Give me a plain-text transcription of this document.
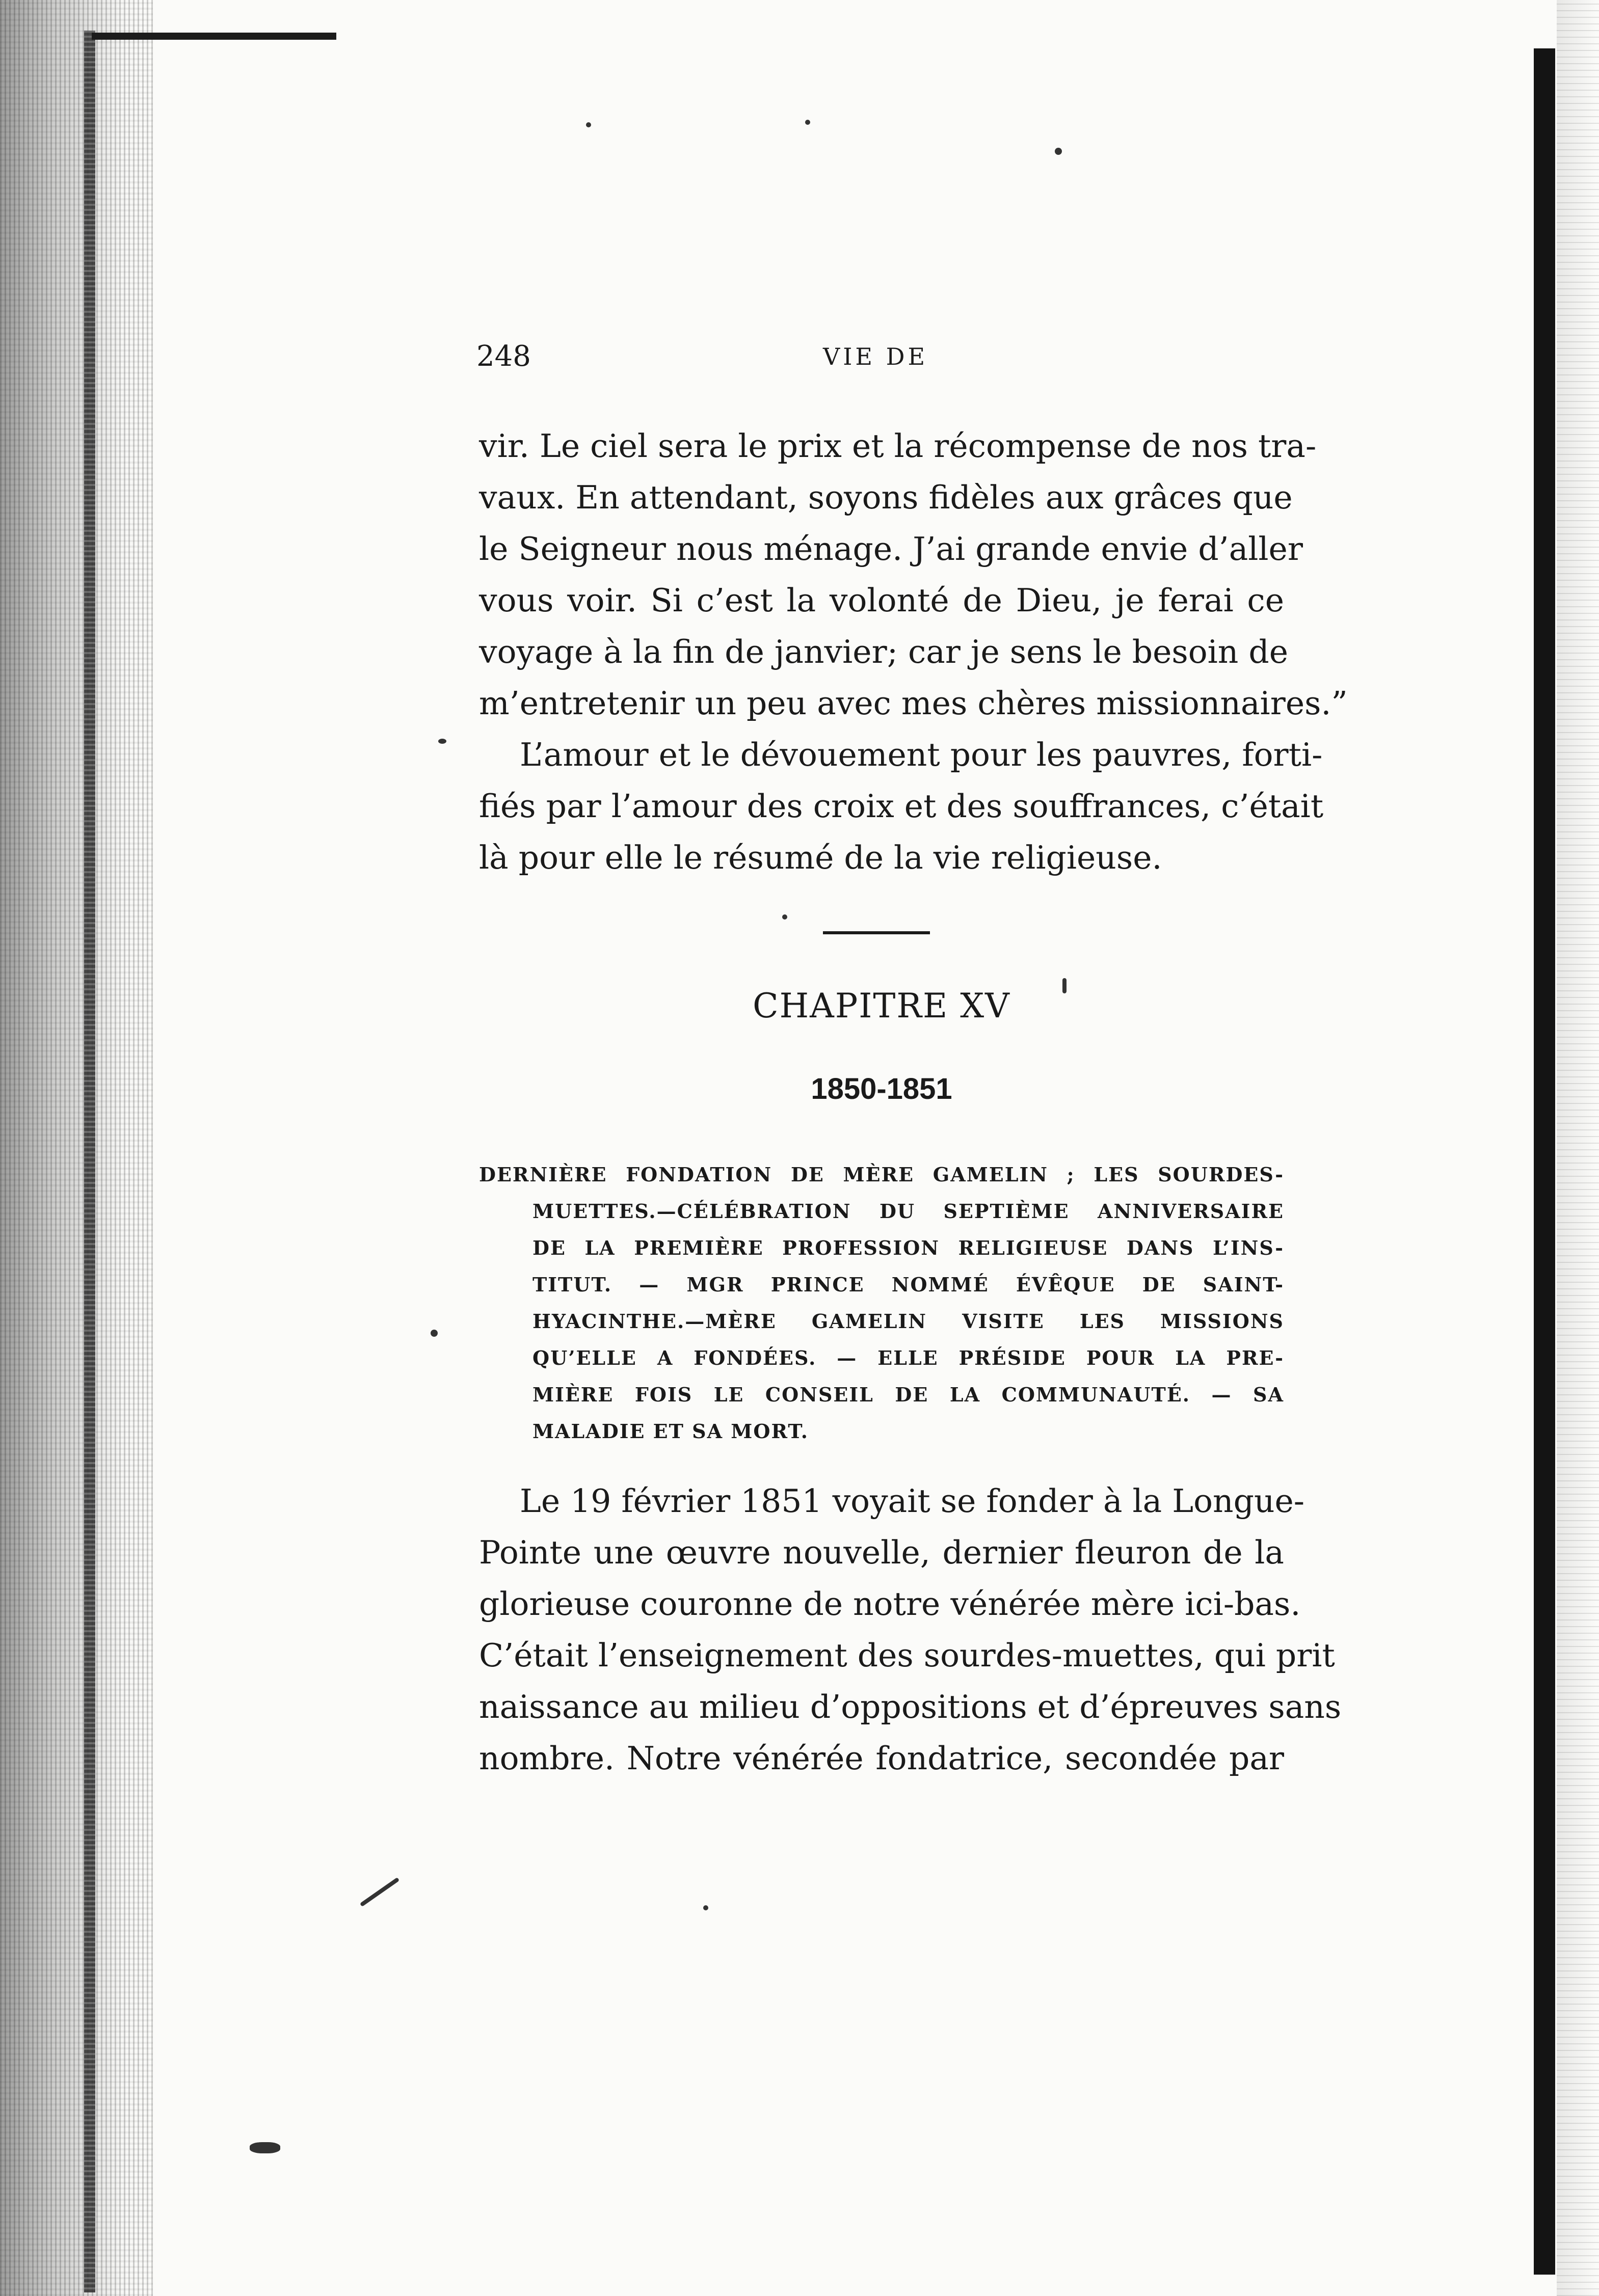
248	VIE DE

vir. Le ciel sera le prix et la récompense de nos tra-
vaux. En attendant, soyons fidèles aux grâces que
le Seigneur nous ménage. J’ai grande envie d’aller
vous voir. Si c’est la volonté de Dieu, je ferai ce
voyage à la fin de janvier; car je sens le besoin de
m’entretenir un peu avec mes chères missionnaires.”

L’amour et le dévouement pour les pauvres, forti-
fiés par l’amour des croix et des souffrances, c’était
là pour elle le résumé de la vie religieuse.

CHAPITRE XV
1850-1851
DERNIÈRE FONDATION DE MÈRE GAMELIN ; LES SOURDES-
MUETTES.—CÉLÉBRATION DU SEPTIÈME ANNIVERSAIRE
DE LA PREMIÈRE PROFESSION RELIGIEUSE DANS L’INS-
TITUT. — MGR PRINCE NOMMÉ ÉVÊQUE DE SAINT-
HYACINTHE.—MÈRE GAMELIN VISITE LES MISSIONS
QU’ELLE A FONDÉES. — ELLE PRÉSIDE POUR LA PRE-
MIÈRE FOIS LE CONSEIL DE LA COMMUNAUTÉ. — SA
MALADIE ET SA MORT.

Le 19 février 1851 voyait se fonder à la Longue-
Pointe une œuvre nouvelle, dernier fleuron de la
glorieuse couronne de notre vénérée mère ici-bas.
C’était l’enseignement des sourdes-muettes, qui prit
naissance au milieu d’oppositions et d’épreuves sans
nombre. Notre vénérée fondatrice, secondée par
